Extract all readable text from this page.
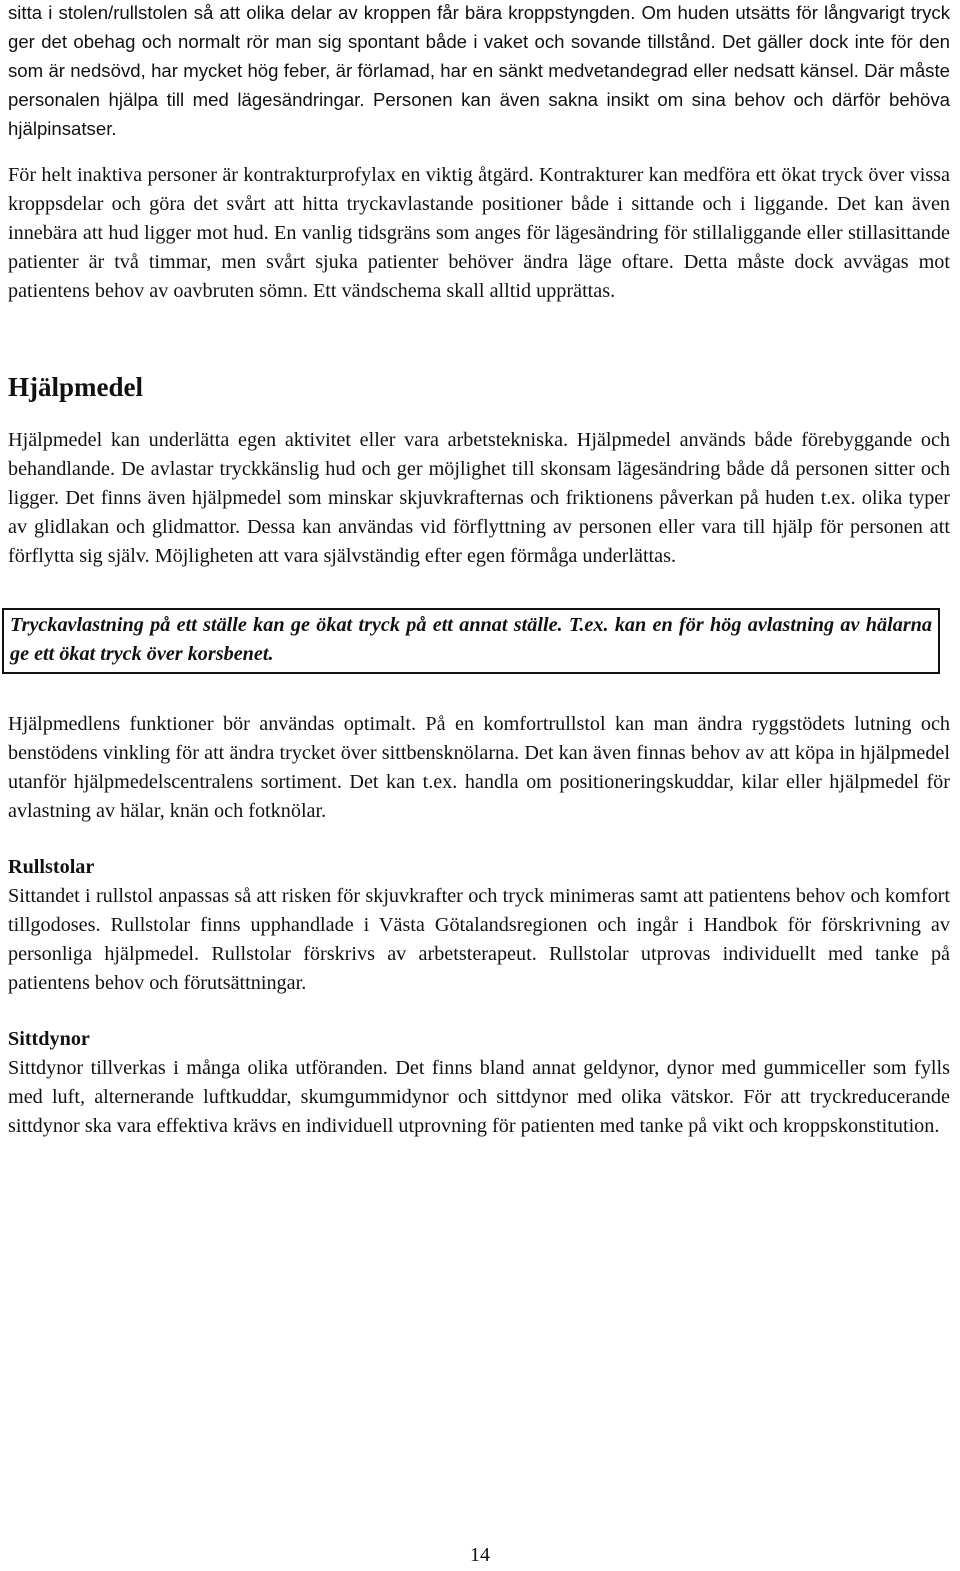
sitta i stolen/rullstolen så att olika delar av kroppen får bära kroppstyngden. Om huden utsätts för långvarigt tryck ger det obehag och normalt rör man sig spontant både i vaket och sovande tillstånd. Det gäller dock inte för den som är nedsövd, har mycket hög feber, är förlamad, har en sänkt medvetandegrad eller nedsatt känsel. Där måste personalen hjälpa till med lägesändringar. Personen kan även sakna insikt om sina behov och därför behöva hjälpinsatser.

För helt inaktiva personer är kontrakturprofylax en viktig åtgärd. Kontrakturer kan medföra ett ökat tryck över vissa kroppsdelar och göra det svårt att hitta tryckavlastande positioner både i sittande och i liggande. Det kan även innebära att hud ligger mot hud. En vanlig tidsgräns som anges för lägesändring för stillaliggande eller stillasittande patienter är två timmar, men svårt sjuka patienter behöver ändra läge oftare. Detta måste dock avvägas mot patientens behov av oavbruten sömn. Ett vändschema skall alltid upprättas.

Hjälpmedel

Hjälpmedel kan underlätta egen aktivitet eller vara arbetstekniska. Hjälpmedel används både förebyggande och behandlande. De avlastar tryckkänslig hud och ger möjlighet till skonsam lägesändring både då personen sitter och ligger. Det finns även hjälpmedel som minskar skjuvkrafternas och friktionens påverkan på huden t.ex. olika typer av glidlakan och glidmattor. Dessa kan användas vid förflyttning av personen eller vara till hjälp för personen att förflytta sig själv. Möjligheten att vara självständig efter egen förmåga underlättas.

Tryckavlastning på ett ställe kan ge ökat tryck på ett annat ställe. T.ex. kan en för hög avlastning av hälarna ge ett ökat tryck över korsbenet.

Hjälpmedlens funktioner bör användas optimalt. På en komfortrullstol kan man ändra ryggstödets lutning och benstödens vinkling för att ändra trycket över sittbensknölarna. Det kan även finnas behov av att köpa in hjälpmedel utanför hjälpmedelscentralens sortiment. Det kan t.ex. handla om positioneringskuddar, kilar eller hjälpmedel för avlastning av hälar, knän och fotknölar.

Rullstolar

Sittandet i rullstol anpassas så att risken för skjuvkrafter och tryck minimeras samt att patientens behov och komfort tillgodoses. Rullstolar finns upphandlade i Västa Götalandsregionen och ingår i Handbok för förskrivning av personliga hjälpmedel. Rullstolar förskrivs av arbetsterapeut. Rullstolar utprovas individuellt med tanke på patientens behov och förutsättningar.

Sittdynor

Sittdynor tillverkas i många olika utföranden. Det finns bland annat geldynor, dynor med gummiceller som fylls med luft, alternerande luftkuddar, skumgummidynor och sittdynor med olika vätskor. För att tryckreducerande sittdynor ska vara effektiva krävs en individuell utprovning för patienten med tanke på vikt och kroppskonstitution.

14
